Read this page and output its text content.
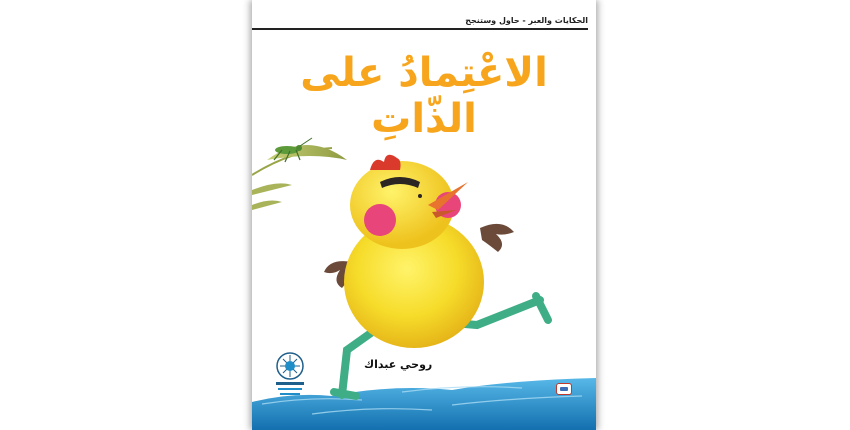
الحكايات والعبر - حاول وستنجح
الاعْتِمادُ على الذّاتِ
روحي عبداك
